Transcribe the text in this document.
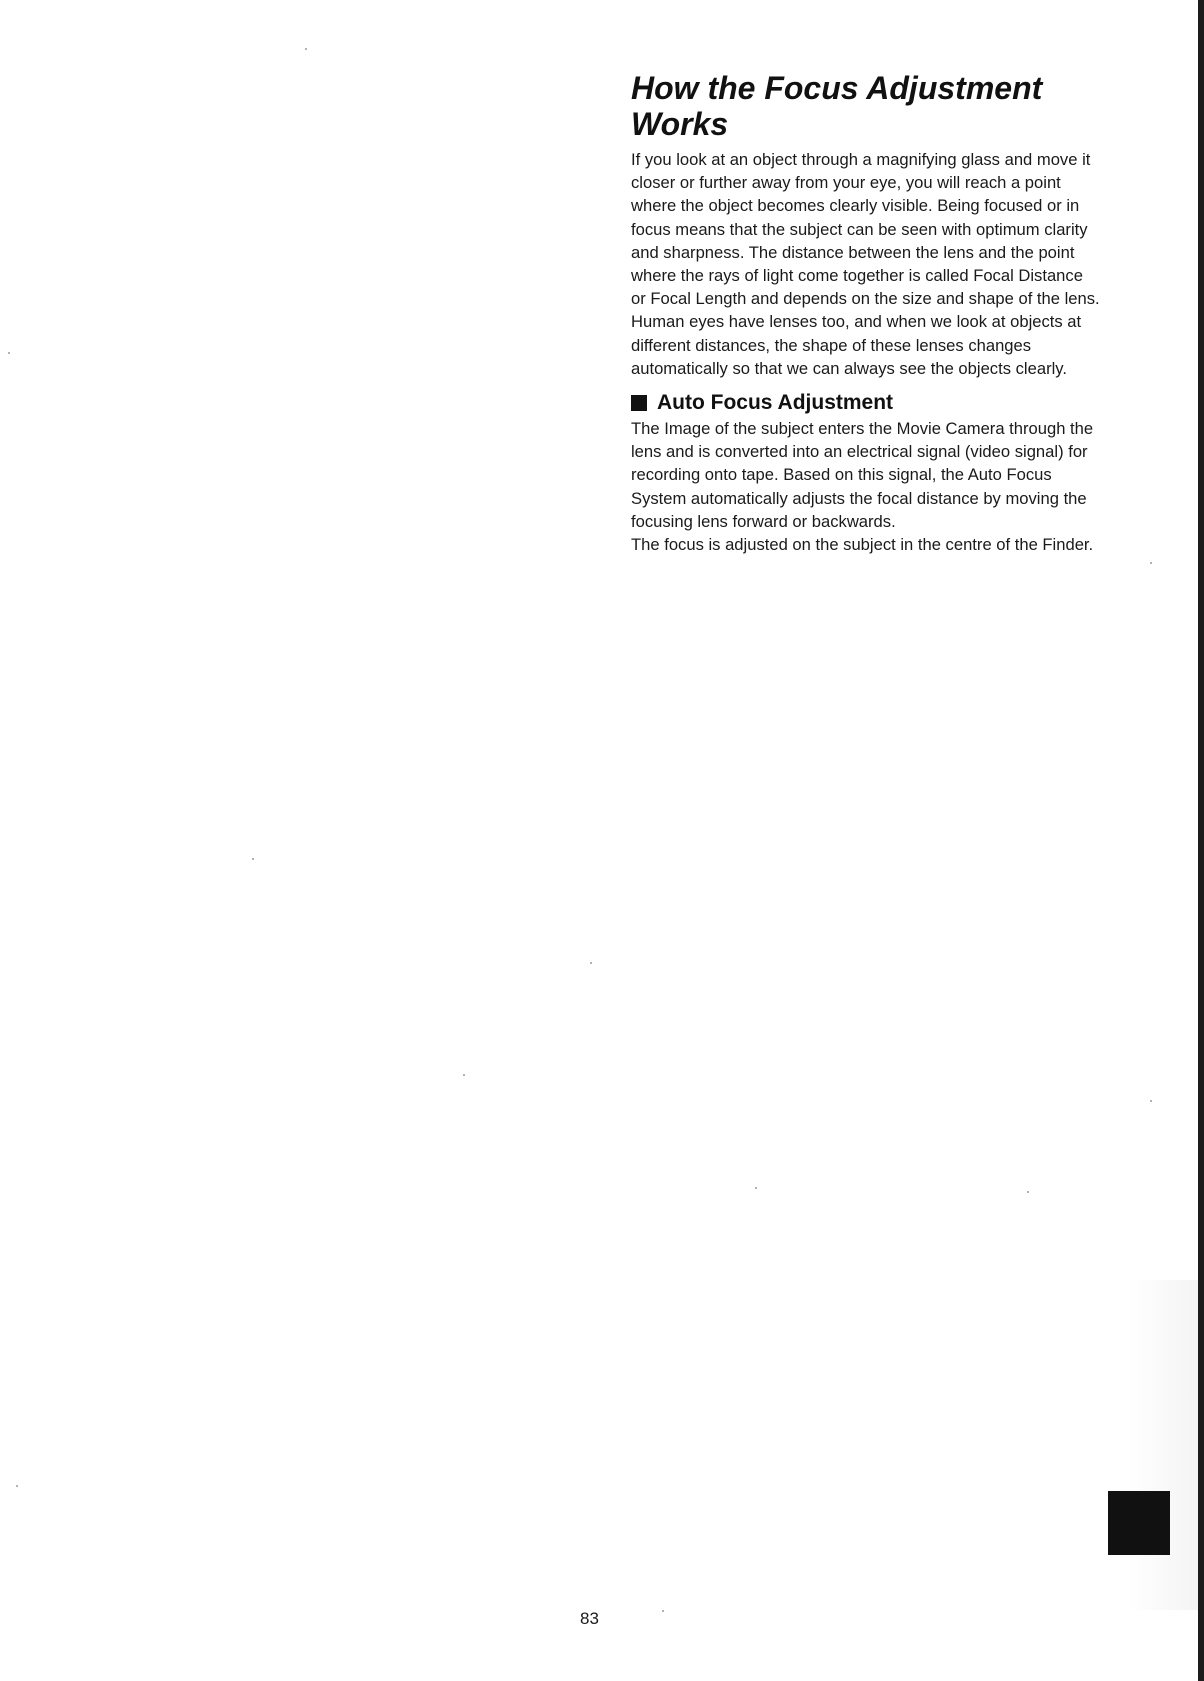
How the Focus Adjustment Works

If you look at an object through a magnifying glass and move it closer or further away from your eye, you will reach a point where the object becomes clearly visible. Being focused or in focus means that the subject can be seen with optimum clarity and sharpness. The distance between the lens and the point where the rays of light come together is called Focal Distance or Focal Length and depends on the size and shape of the lens. Human eyes have lenses too, and when we look at objects at different distances, the shape of these lenses changes automatically so that we can always see the objects clearly.

Auto Focus Adjustment

The Image of the subject enters the Movie Camera through the lens and is converted into an electrical signal (video signal) for recording onto tape. Based on this signal, the Auto Focus System automatically adjusts the focal distance by moving the focusing lens forward or backwards.

The focus is adjusted on the subject in the centre of the Finder.

83
